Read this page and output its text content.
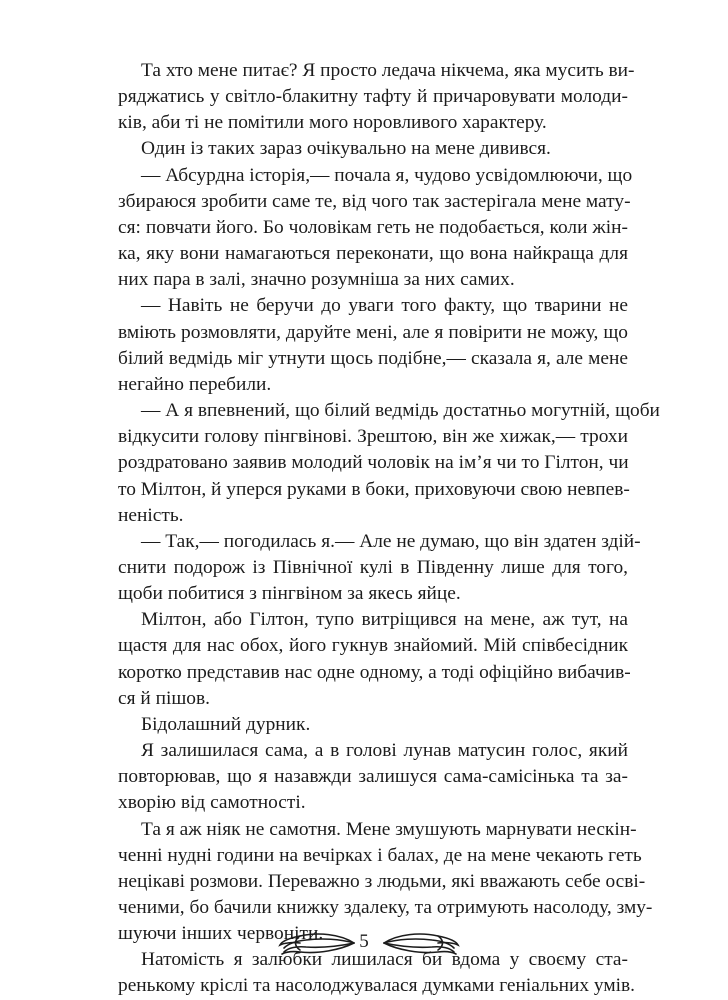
Та хто мене питає? Я просто ледача нікчема, яка мусить ви-
ряджатись у світло-блакитну тафту й причаровувати молоди-
ків, аби ті не помітили мого норовливого характеру.

Один із таких зараз очікувально на мене дивився.

— Абсурдна історія,— почала я, чудово усвідомлюючи, що
збираюся зробити саме те, від чого так застерігала мене мату-
ся: повчати його. Бо чоловікам геть не подобається, коли жін-
ка, яку вони намагаються переконати, що вона найкраща для
них пара в залі, значно розумніша за них самих.

— Навіть не беручи до уваги того факту, що тварини не
вміють розмовляти, даруйте мені, але я повірити не можу, що
білий ведмідь міг утнути щось подібне,— сказала я, але мене
негайно перебили.

— А я впевнений, що білий ведмідь достатньо могутній, щоби
відкусити голову пінгвінові. Зрештою, він же хижак,— трохи
роздратовано заявив молодий чоловік на ім’я чи то Гілтон, чи
то Мілтон, й уперся руками в боки, приховуючи свою невпев-
неність.

— Так,— погодилась я.— Але не думаю, що він здатен здій-
снити подорож із Північної кулі в Південну лише для того,
щоби побитися з пінгвіном за якесь яйце.

Мілтон, або Гілтон, тупо витріщився на мене, аж тут, на
щастя для нас обох, його гукнув знайомий. Мій співбесідник
коротко представив нас одне одному, а тоді офіційно вибачив-
ся й пішов.

Бідолашний дурник.

Я залишилася сама, а в голові лунав матусин голос, який
повторював, що я назавжди залишуся сама-самісінька та за-
хворію від самотності.

Та я аж ніяк не самотня. Мене змушують марнувати нескін-
ченні нудні години на вечірках і балах, де на мене чекають геть
нецікаві розмови. Переважно з людьми, які вважають себе осві-
ченими, бо бачили книжку здалеку, та отримують насолоду, зму-
шуючи інших червоніти.

Натомість я залюбки лишилася би вдома у своєму ста-
ренькому кріслі та насолоджувалася думками геніальних умів.

5
